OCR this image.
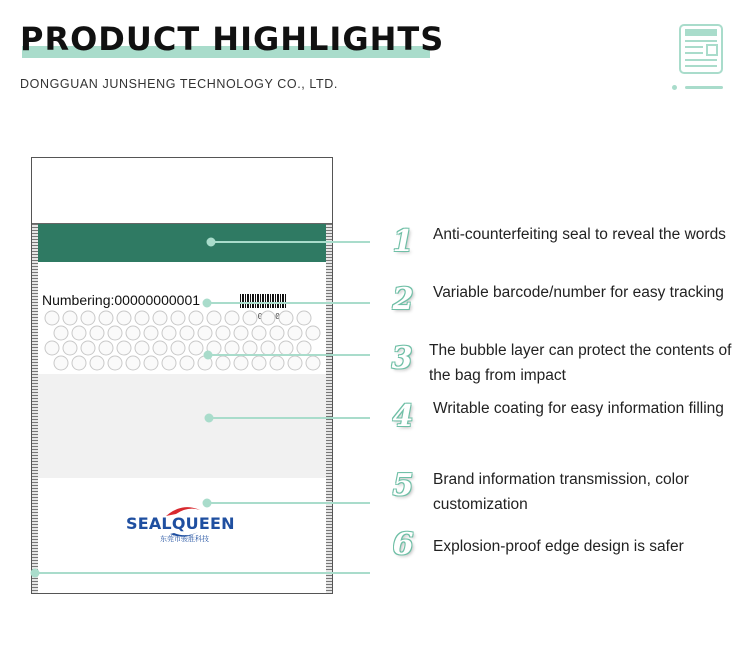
PRODUCT HIGHLIGHTS
DONGGUAN JUNSHENG TECHNOLOGY CO., LTD.
Numbering:00000000001
SEALQUEEN
东莞市骏胜科技
1 Anti-counterfeiting seal to reveal the words
2 Variable barcode/number for easy tracking
3 The bubble layer can protect the contents of the bag from impact
4 Writable coating for easy information filling
5 Brand information transmission, color customization
6 Explosion-proof edge design is safer
